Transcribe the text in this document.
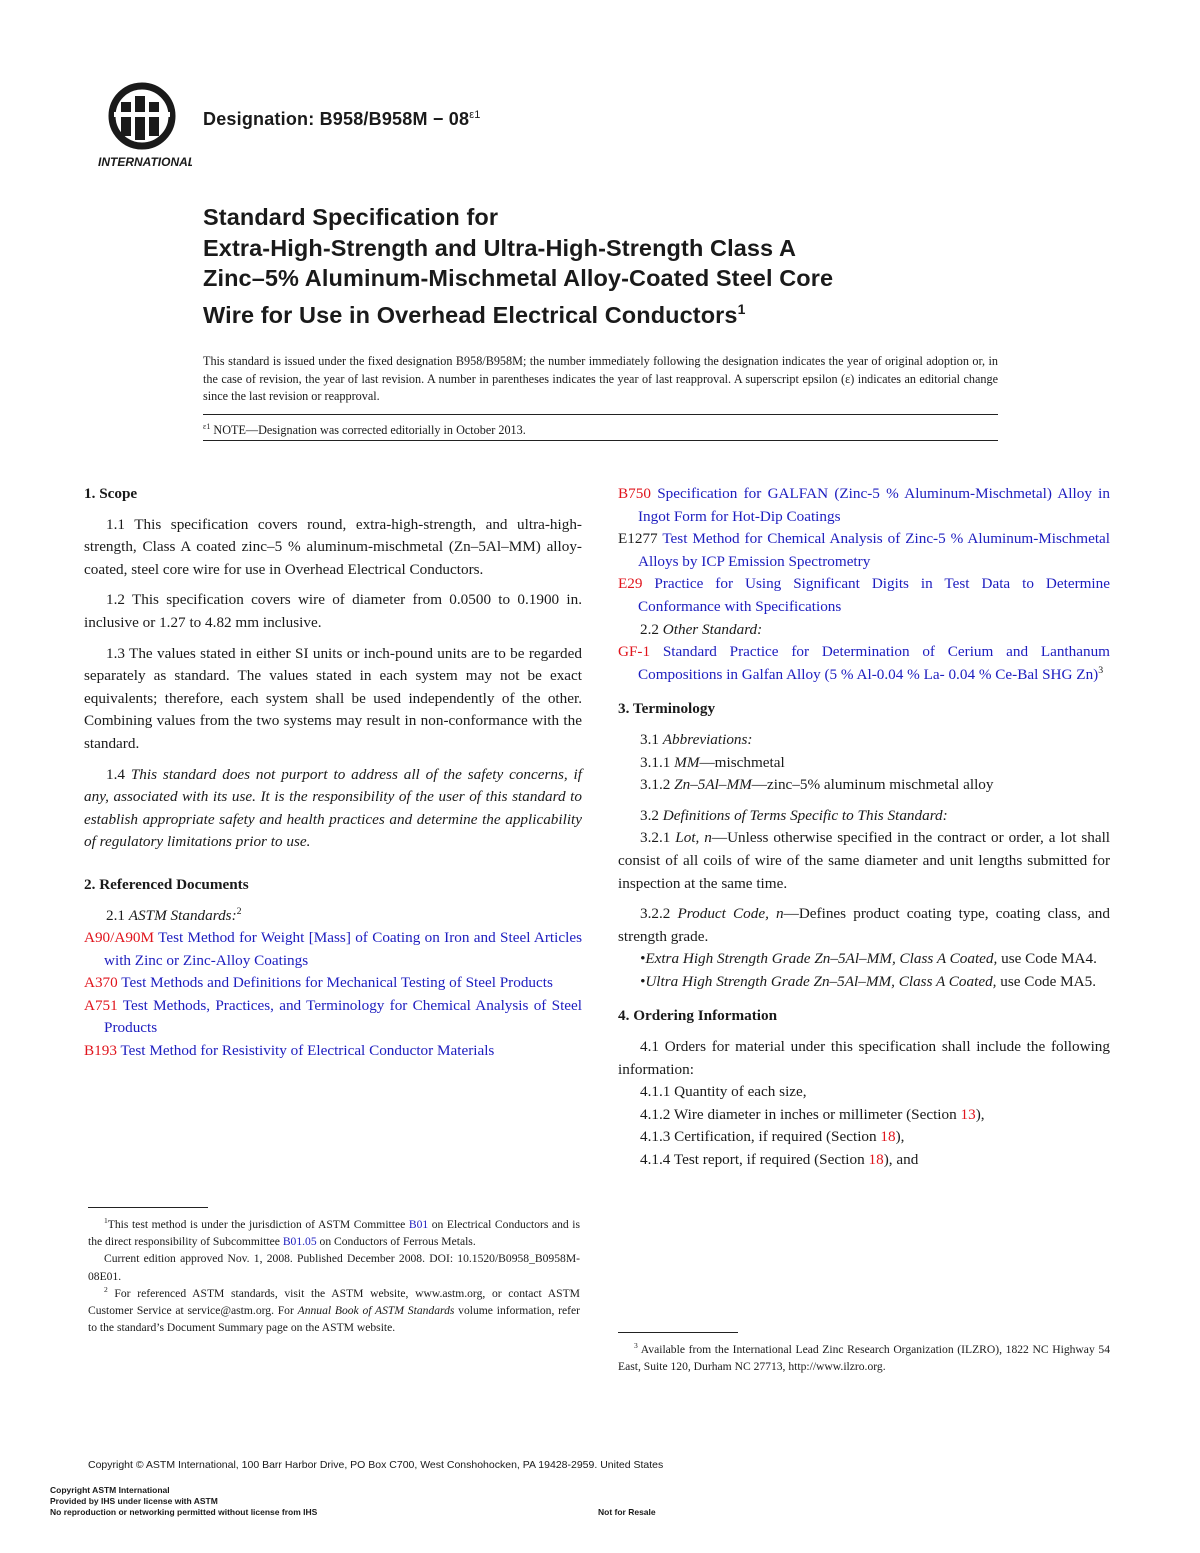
INTERNATIONAL
Designation: $B958/B958M - 08^{\varepsilon 1}$
Standard Specification for
Extra-High-Strength and Ultra-High-Strength Class A
Zinc–5% Aluminum-Mischmetal Alloy-Coated Steel Core
Wire for Use in Overhead Electrical Conductors$^1$
This standard is issued under the fixed designation B958/B958M; the number immediately following the designation indicates the year of original adoption or, in the case of revision, the year of last revision. A number in parentheses indicates the year of last reapproval. A superscript epsilon (ε) indicates an editorial change since the last revision or reapproval.
$^{\varepsilon 1}$ NOTE—Designation was corrected editorially in October 2013.

1. Scope

1.1 This specification covers round, extra-high-strength, and ultra-high-strength, Class A coated zinc–5 % aluminum-mischmetal (Zn–5Al–MM) alloy-coated, steel core wire for use in Overhead Electrical Conductors.

1.2 This specification covers wire of diameter from 0.0500 to 0.1900 in. inclusive or 1.27 to 4.82 mm inclusive.

1.3 The values stated in either SI units or inch-pound units are to be regarded separately as standard. The values stated in each system may not be exact equivalents; therefore, each system shall be used independently of the other. Combining values from the two systems may result in non-conformance with the standard.

1.4 This standard does not purport to address all of the safety concerns, if any, associated with its use. It is the responsibility of the user of this standard to establish appropriate safety and health practices and determine the applicability of regulatory limitations prior to use.

2. Referenced Documents

2.1 ASTM Standards:$^2$

A90/A90M Test Method for Weight [Mass] of Coating on Iron and Steel Articles with Zinc or Zinc-Alloy Coatings

A370 Test Methods and Definitions for Mechanical Testing of Steel Products

A751 Test Methods, Practices, and Terminology for Chemical Analysis of Steel Products

B193 Test Method for Resistivity of Electrical Conductor Materials

$^1$This test method is under the jurisdiction of ASTM Committee B01 on Electrical Conductors and is the direct responsibility of Subcommittee B01.05 on Conductors of Ferrous Metals.

Current edition approved Nov. 1, 2008. Published December 2008. DOI: 10.1520/B0958_B0958M-08E01.

$^2$ For referenced ASTM standards, visit the ASTM website, www.astm.org, or contact ASTM Customer Service at service@astm.org. For Annual Book of ASTM Standards volume information, refer to the standard’s Document Summary page on the ASTM website.

B750 Specification for GALFAN (Zinc-5 % Aluminum-Mischmetal) Alloy in Ingot Form for Hot-Dip Coatings

E1277 Test Method for Chemical Analysis of Zinc-5 % Aluminum-Mischmetal Alloys by ICP Emission Spectrometry

E29 Practice for Using Significant Digits in Test Data to Determine Conformance with Specifications

2.2 Other Standard:

GF-1 Standard Practice for Determination of Cerium and Lanthanum Compositions in Galfan Alloy (5 % Al-0.04 % La- 0.04 % Ce-Bal SHG Zn)$^3$

3. Terminology

3.1 Abbreviations:

3.1.1 MM—mischmetal

3.1.2 Zn–5Al–MM—zinc–5% aluminum mischmetal alloy

3.2 Definitions of Terms Specific to This Standard:

3.2.1 Lot, n—Unless otherwise specified in the contract or order, a lot shall consist of all coils of wire of the same diameter and unit lengths submitted for inspection at the same time.

3.2.2 Product Code, n—Defines product coating type, coating class, and strength grade.

•Extra High Strength Grade Zn–5Al–MM, Class A Coated, use Code MA4.

•Ultra High Strength Grade Zn–5Al–MM, Class A Coated, use Code MA5.

4. Ordering Information

4.1 Orders for material under this specification shall include the following information:

4.1.1 Quantity of each size,

4.1.2 Wire diameter in inches or millimeter (Section 13),

4.1.3 Certification, if required (Section 18),

4.1.4 Test report, if required (Section 18), and

$^3$ Available from the International Lead Zinc Research Organization (ILZRO), 1822 NC Highway 54 East, Suite 120, Durham NC 27713, http://www.ilzro.org.

Copyright © ASTM International, 100 Barr Harbor Drive, PO Box C700, West Conshohocken, PA 19428-2959. United States
Copyright ASTM International
Provided by IHS under license with ASTM
No reproduction or networking permitted without license from IHS	Not for Resale
